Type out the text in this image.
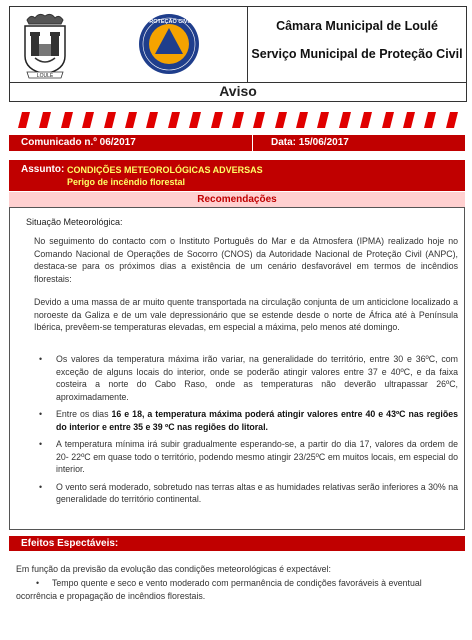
LOULÉ
PROTEÇÃO CIVIL	Câmara Municipal de Loulé
Serviço Municipal de Proteção Civil
Aviso
Comunicado n.º 06/2017	Data: 15/06/2017
Assunto: CONDIÇÕES METEOROLÓGICAS ADVERSAS
Perigo de incêndio florestal
Recomendações
Situação Meteorológica:
No seguimento do contacto com o Instituto Português do Mar e da Atmosfera (IPMA) realizado hoje no Comando Nacional de Operações de Socorro (CNOS) da Autoridade Nacional de Proteção Civil (ANPC), destaca-se para os próximos dias a existência de um cenário desfavorável em termos de incêndios florestais:
Devido a uma massa de ar muito quente transportada na circulação conjunta de um anticiclone localizado a noroeste da Galiza e de um vale depressionário que se estende desde o norte de África até à Península Ibérica, prevêem-se temperaturas elevadas, em especial a máxima, pelo menos até domingo.
• Os valores da temperatura máxima irão variar, na generalidade do território, entre 30 e 36ºC, com exceção de alguns locais do interior, onde se poderão atingir valores entre 37 e 40ºC, e da faixa costeira a norte do Cabo Raso, onde as temperaturas não deverão ultrapassar 26ºC, aproximadamente.
• Entre os dias 16 e 18, a temperatura máxima poderá atingir valores entre 40 e 43ºC nas regiões do interior e entre 35 e 39 ºC nas regiões do litoral.
• A temperatura mínima irá subir gradualmente esperando-se, a partir do dia 17, valores da ordem de 20- 22ºC em quase todo o território, podendo mesmo atingir 23/25ºC em muitos locais, em especial do interior.
• O vento será moderado, sobretudo nas terras altas e as humidades relativas serão inferiores a 30% na generalidade do território continental.
Efeitos Espectáveis:
Em função da previsão da evolução das condições meteorológicas é expectável:
• Tempo quente e seco e vento moderado com permanência de condições favoráveis à eventual ocorrência e propagação de incêndios florestais.
